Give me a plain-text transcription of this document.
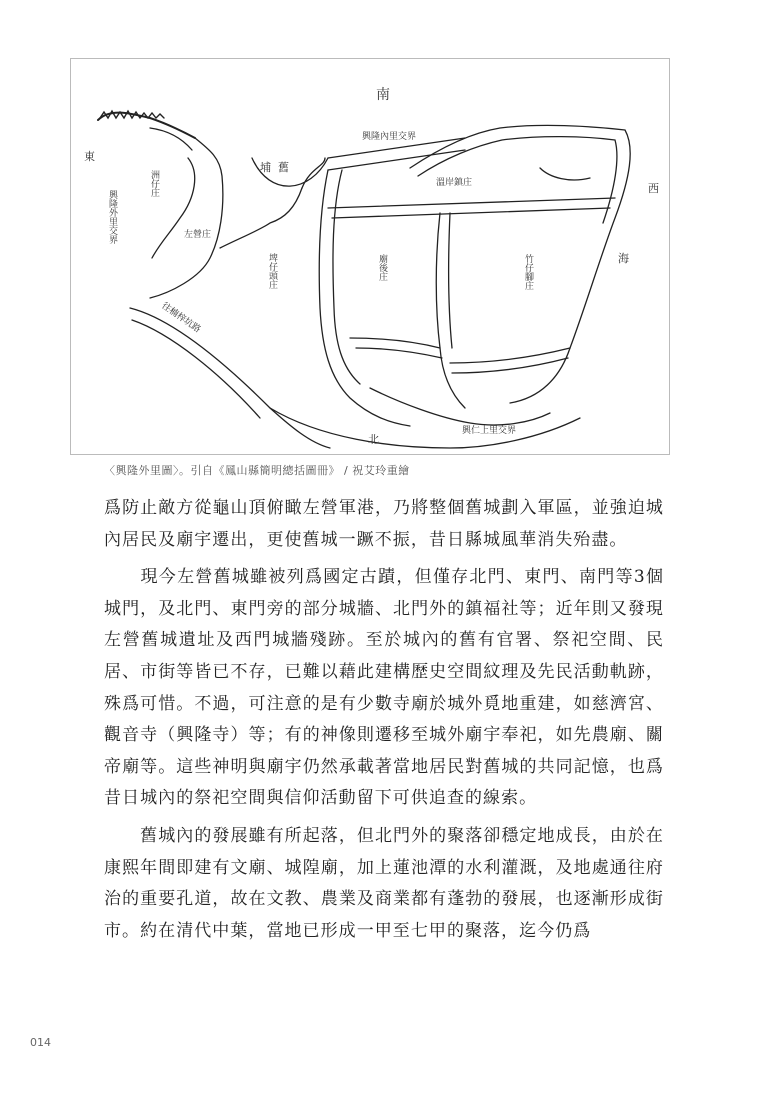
南
東
西
海
北
興隆內里交界
興仁上里交界
興隆外里交界
往楠梓坑路
埔 舊
洲仔庄
左營庄
埤仔頭庄	廟後庄	竹仔腳庄
溫岸鎮庄
〈興隆外里圖〉。引自《鳳山縣簡明總括圖冊》 / 祝艾玲重繪

爲防止敵方從龜山頂俯瞰左營軍港，乃將整個舊城劃入軍區，並強迫城內居民及廟宇遷出，更使舊城一蹶不振，昔日縣城風華消失殆盡。

　　現今左營舊城雖被列爲國定古蹟，但僅存北門、東門、南門等3個城門，及北門、東門旁的部分城牆、北門外的鎮福社等；近年則又發現左營舊城遺址及西門城牆殘跡。至於城內的舊有官署、祭祀空間、民居、市街等皆已不存，已難以藉此建構歷史空間紋理及先民活動軌跡，殊爲可惜。不過，可注意的是有少數寺廟於城外覓地重建，如慈濟宮、觀音寺（興隆寺）等；有的神像則遷移至城外廟宇奉祀，如先農廟、關帝廟等。這些神明與廟宇仍然承載著當地居民對舊城的共同記憶，也爲昔日城內的祭祀空間與信仰活動留下可供追查的線索。

　　舊城內的發展雖有所起落，但北門外的聚落卻穩定地成長，由於在康熙年間即建有文廟、城隍廟，加上蓮池潭的水利灌溉，及地處通往府治的重要孔道，故在文教、農業及商業都有蓬勃的發展，也逐漸形成街市。約在清代中葉，當地已形成一甲至七甲的聚落，迄今仍爲

014
